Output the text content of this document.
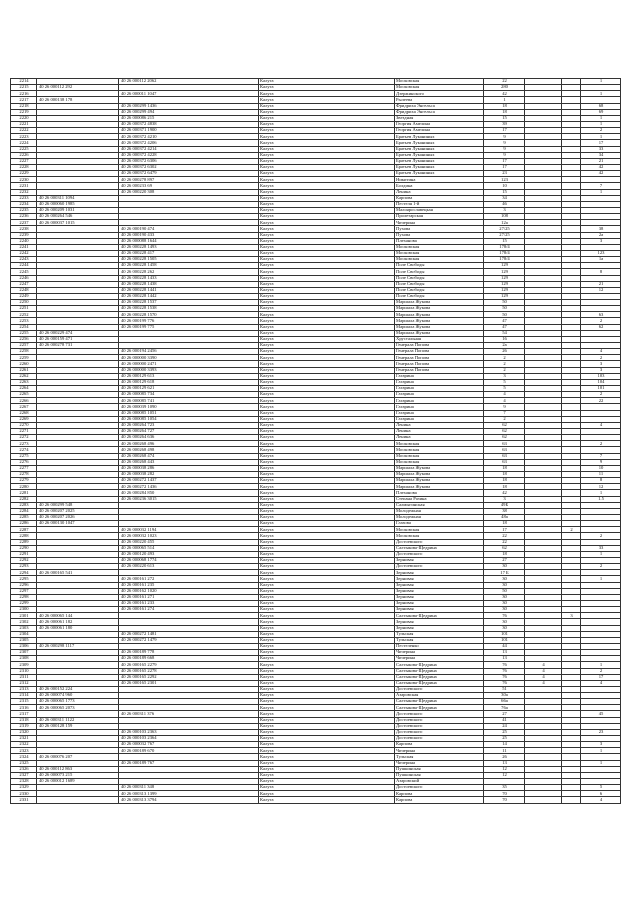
2214		40 26 000112 2062	Калуга	Московская	22			1
2215	40 26 000112 292		Калуга	Московская	280			
2216		40 26 000011 1047	Калуга	Дзержинского	42			1
2217	40 26 000138 178		Калуга	Рылеева	1			
2218		40 26 000299 1436	Калуга	Фридриха Энгельса	18			68
2219		40 26 000299 494	Калуга	Фридриха Энгельса	18			69
2220		40 26 000086 215	Калуга	Звездная	15			1
2221		40 26 000372 4838	Калуга	Георгия Амелина	39			1
2222		40 26 000371 1900	Калуга	Георгия Амелина	17			2
2223		40 26 000372 4210	Калуга	Братьев Луканиных	9			1
2224		40 26 000372 4206	Калуга	Братьев Луканиных	9			17
2225		40 26 000372 4214	Калуга	Братьев Луканиных	9			33
2226		40 26 000372 4228	Калуга	Братьев Луканиных	9			34
2227		40 26 000372 6306	Калуга	Братьев Луканиных	17			21
2228		40 26 000372 6302	Калуга	Братьев Луканиных	17			42
2229		40 26 000372 6479	Калуга	Братьев Луканиных	23			42
2230		40 26 000278 897	Калуга	Никитина	123			
2231		40 26 000233 69	Калуга	Болдина	10			7
2232		40 26 000220 308	Калуга	Ленина	15			1
2233	40 26 000311 1094		Калуга	Карпова	34			
2234	40 26 000060 1985		Калуга	Пестеля 1-й	46			
2235	40 26 000209 1031		Калуга	Малоярославецкая	3			
2236	40 26 000264 546		Калуга	Пролетарская	108			
2237	40 26 000037 1015		Калуга	Чичерина	12а			
2238		40 26 000190 474	Калуга	Пухова	27/25			38
2239		40 26 000190 433	Калуга	Пухова	27/25			2а
2240		40 26 000088 1644	Калуга	Плеханова	15			3
2241		40 26 000228 1493	Калуга	Московская	178/4			
2242		40 26 000228 417	Калуга	Московская	178/4			123
2243		40 26 000228 1505	Калуга	Московская	178/4			1а
2244		40 26 000228 1458	Калуга	Поле Свободы	129			
2245		40 26 000228 262	Калуга	Поле Свободы	129			8
2246		40 26 000228 1433	Калуга	Поле Свободы	129			
2247		40 26 000228 1438	Калуга	Поле Свободы	129			21
2248		40 26 000228 1441	Калуга	Поле Свободы	129			12
2249		40 26 000228 1442	Калуга	Поле Свободы	129			
2250		40 26 000228 1537	Калуга	Маршала Жукова	50			
2251		40 26 000228 1538	Калуга	Маршала Жукова	50			
2252		40 26 000228 1570	Калуга	Маршала Жукова	50			63
2253		40 26 000199 776	Калуга	Маршала Жукова	47			2
2254		40 26 000199 775	Калуга	Маршала Жукова	47			62
2255	40 26 000229 474		Калуга	Маршала Жукова	54			
2256	40 26 000159 471		Калуга	Хрустальная	16			
2257	40 26 000278 731		Калуга	Генерала Попова	2а			
2258		40 26 000194 2456	Калуга	Генерала Попова	26			4
2259		40 26 000000 3390	Калуга	Генерала Попова	2			2
2260		40 26 000000 2471	Калуга	Генерала Попова	2			3
2261		40 26 000000 3393	Калуга	Генерала Попова	2			3
2262		40 26 000129 613	Калуга	Гагарина	3			103
2263		40 26 000129 618	Калуга	Гагарина	5			104
2264		40 26 000129 621	Калуга	Гагарина	5			101
2265		40 26 000085 734	Калуга	Гагарина	4			2
2266		40 26 000085 741	Калуга	Гагарина	4			22
2267		40 26 000039 1090	Калуга	Гагарина	9			
2268		40 26 000085 1051	Калуга	Гагарина	7			
2269		40 26 000085 1054	Калуга	Гагарина	2			
2270		40 26 000264 723	Калуга	Ленина	62			4
2271		40 26 000264 727	Калуга	Ленина	62			
2272		40 26 000264 636	Калуга	Ленина	62			
2273		40 26 000268 496	Калуга	Московская	63			2
2274		40 26 000268 498	Калуга	Московская	63			
2275		40 26 000268 474	Калуга	Московская	63			7
2276		40 26 000268 443	Калуга	Московская	63			9
2277		40 26 000038 286	Калуга	Маршала Жукова	18			10
2278		40 26 000038 282	Калуга	Маршала Жукова	18			11
2279		40 26 000272 1437	Калуга	Маршала Жукова	18			8
2280		40 26 000272 1436	Калуга	Маршала Жукова	18			12
2281		40 26 000284 850	Калуга	Плеханова	42			1
2282		40 26 000236 3015	Калуга	Степана Разина	3			1.5
2283	40 26 000299 548		Калуга	Салмыгинская	49Б			
2284	40 26 000207 2025		Калуга	Молодежная	38			
2285	40 26 000207 2026		Калуга	Молодежная	48а			
2286	40 26 000130 1047		Калуга	Глазова	18			
2287		40 26 000032 1194	Калуга	Московская	17		2	
2288		40 26 000032 1023	Калуга	Московская	22			2
2289		40 26 000220 455	Калуга	Достоевского	22			
2290		40 26 000065 514	Калуга	Салтыкова-Щедрина	62			33
2291		40 26 000120 493	Калуга	Достоевского	18			1
2292		40 26 000068 1774	Калуга	Зерновая	27			
2293		40 26 000220 613	Калуга	Достоевского	30			2
2294	40 26 000165 541		Калуга	Зерновая	17 Б			
2295		40 26 000161 272	Калуга	Зерновая	30			1
2296		40 26 000161 235	Калуга	Зерновая	30			
2297		40 26 000162 1020	Калуга	Зерновая	50			
2298		40 26 000161 271	Калуга	Зерновая	30			
2299		40 26 000161 233	Калуга	Зерновая	30			
2300		40 26 000161 274	Калуга	Зерновая	30			
2301	40 26 000065 144		Калуга	Салтыкова-Щедрина	76		3	
2302	40 26 000061 182		Калуга	Зерновая	30			
2303	40 26 000061 180		Калуга	Зерновая	30			
2304		40 26 000272 1481	Калуга	Тульская	101			
2305		40 26 000272 1479	Калуга	Тульская	101			
2306	40 26 000298 1117		Калуга	Пестеленко	44			
2307		40 26 000189 778	Калуга	Чичерина	13			
2308		40 26 000189 668	Калуга	Чичерина	13			
2309		40 26 000165 2279	Калуга	Салтыкова-Щедрина	76	4		1
2310		40 26 000165 2278	Калуга	Салтыкова-Щедрина	76	4		2
2311		40 26 000165 2292	Калуга	Салтыкова-Щедрина	76	4		17
2312		40 26 000165 2301	Калуга	Салтыкова-Щедрина	76	4		4
2313	40 26 000152 224		Калуга	Достоевского	51			
2314	40 26 000074 960		Калуга	Азаровская	30а			
2315	40 26 000065 1773		Калуга	Салтыкова-Щедрина	66а			
2316	40 26 000065 2073		Калуга	Салтыкова-Щедрина	76а			
2317		40 26 000311 376	Калуга	Достоевского	27			45
2318	40 26 000311 1122		Калуга	Достоевского	41			
2319	40 26 000128 159		Калуга	Достоевского	24			
2320		40 26 000103 2363	Калуга	Достоевского	25			23
2321		40 26 000103 2364	Калуга	Достоевского	25			
2322		40 26 000032 767	Калуга	Карпова	14			3
2323		40 26 000189 670	Калуга	Чичерина	11			1
2324	40 26 000076 207		Калуга	Тульская	26			
2325		40 26 000189 767	Калуга	Чичерина	13			1
2326	40 26 000112 863		Калуга	Пушкинская	12			
2327	40 26 000073 215		Калуга	Пушкинская	12			
2328	40 26 000012 1689		Калуга	Азаровский				
2329		40 26 000311 348	Калуга	Достоевского	35			5
2330		40 26 000313 1399	Калуга	Карпова	70			6
2331		40 26 000313 3794	Калуга	Карпова	70			4
